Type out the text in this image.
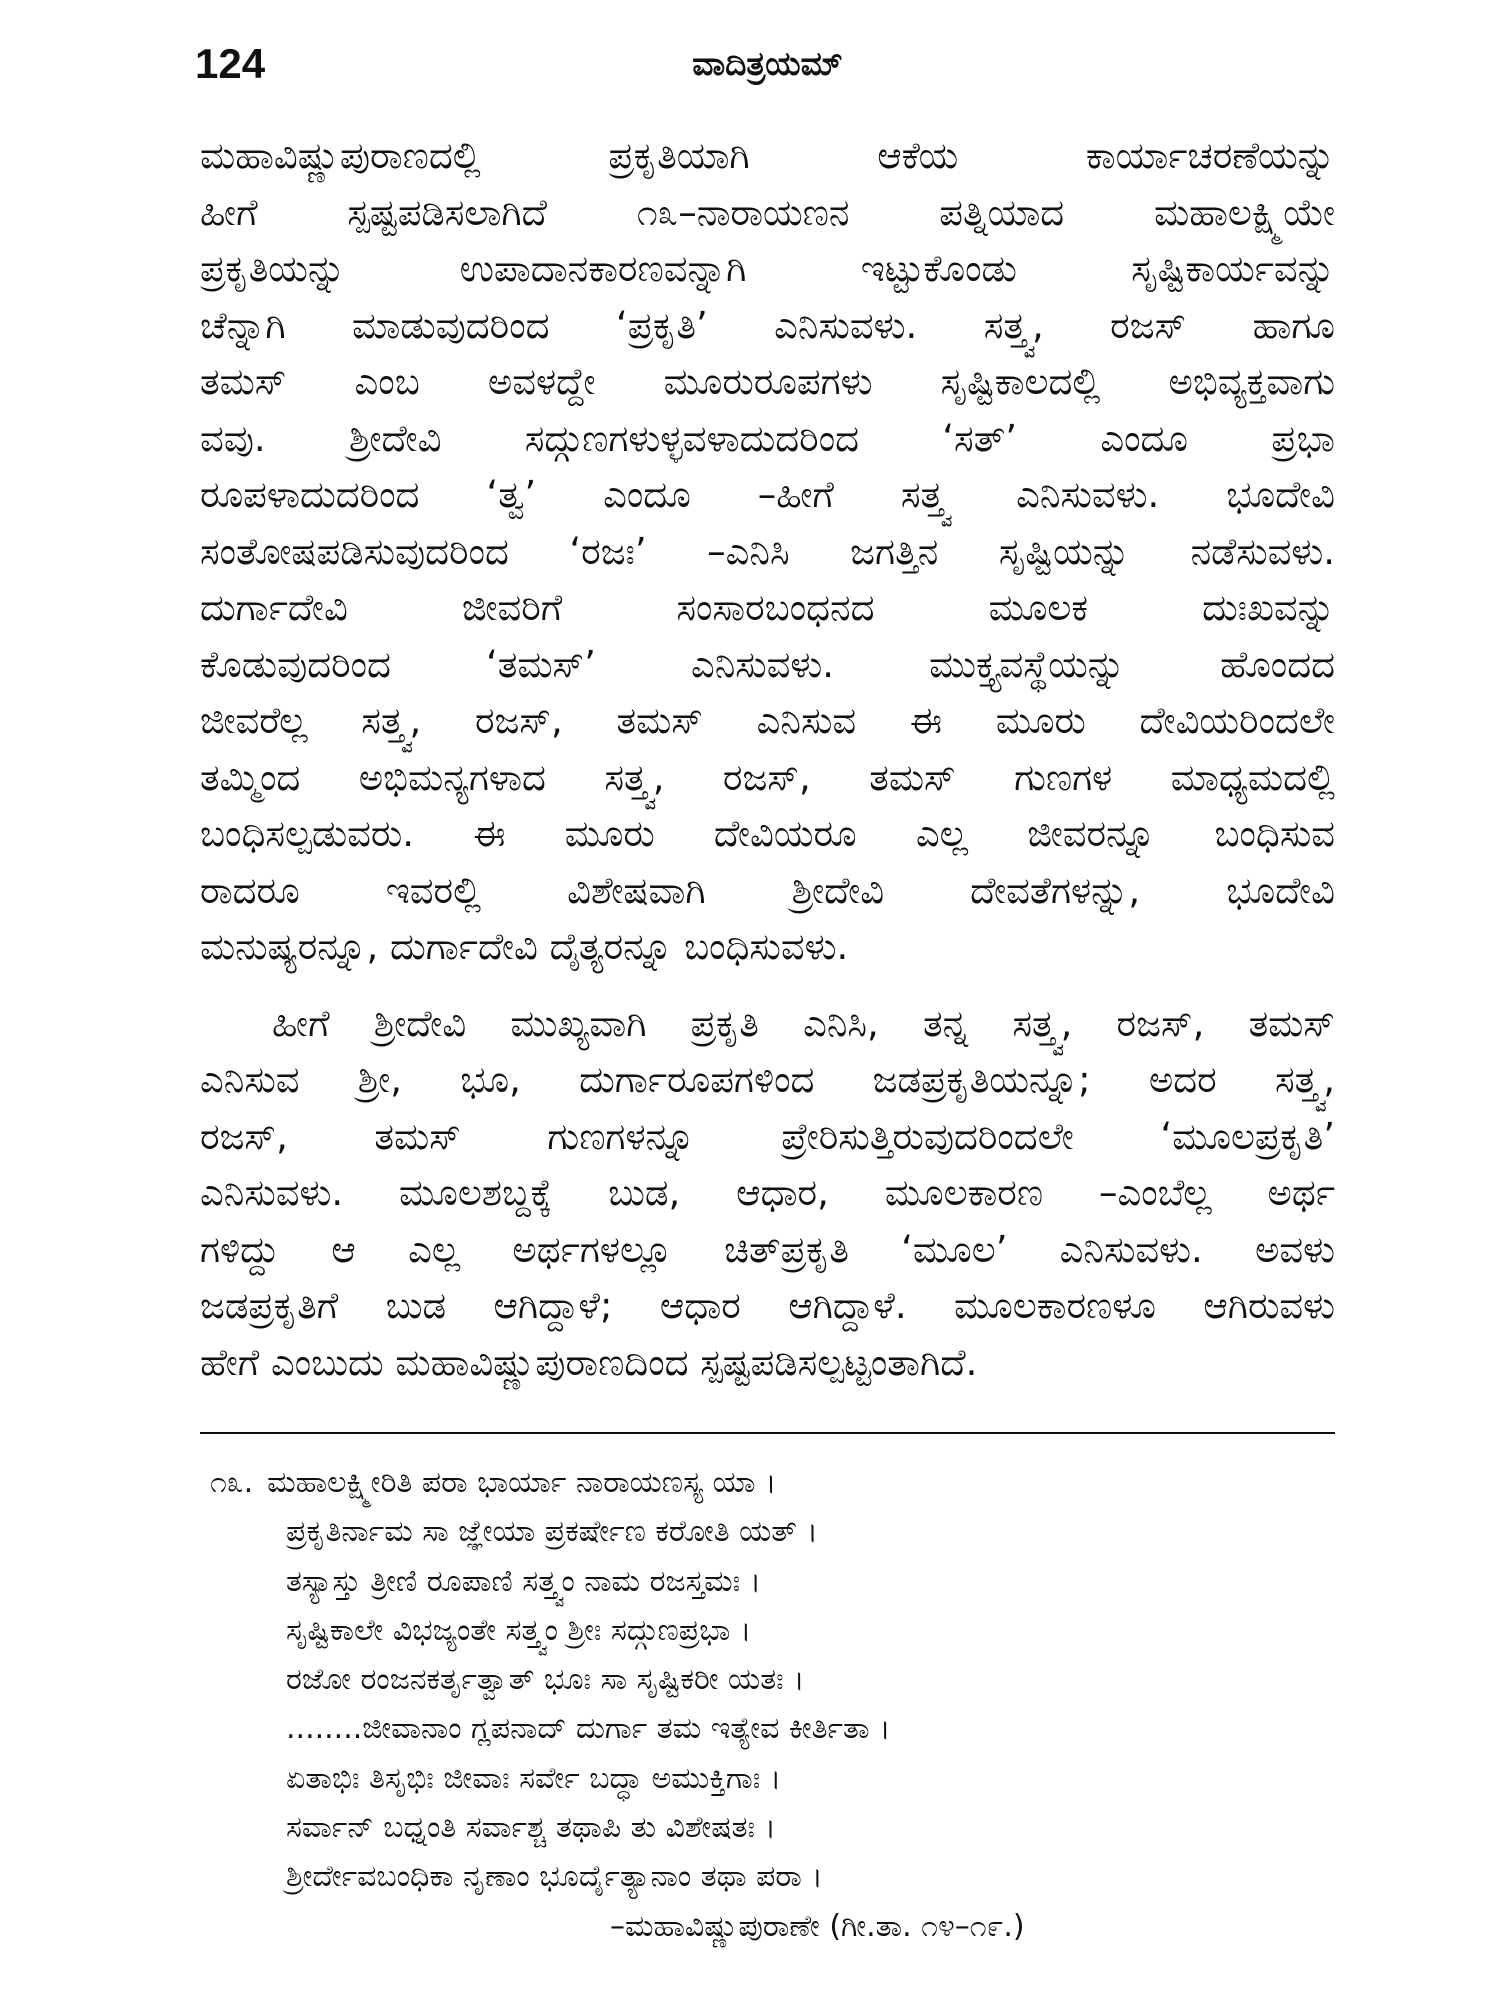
124	ವಾದಿತ್ರಯಮ್

ಮಹಾವಿಷ್ಣುಪುರಾಣದಲ್ಲಿ ಪ್ರಕೃತಿಯಾಗಿ ಆಕೆಯ ಕಾರ್ಯಾಚರಣೆಯನ್ನು
ಹೀಗೆ ಸ್ಪಷ್ಟಪಡಿಸಲಾಗಿದೆ ೧೩–ನಾರಾಯಣನ ಪತ್ನಿಯಾದ ಮಹಾಲಕ್ಷ್ಮಿಯೇ
ಪ್ರಕೃತಿಯನ್ನು ಉಪಾದಾನಕಾರಣವನ್ನಾಗಿ ಇಟ್ಟುಕೊಂಡು ಸೃಷ್ಟಿಕಾರ್ಯವನ್ನು
ಚೆನ್ನಾಗಿ ಮಾಡುವುದರಿಂದ ‘ಪ್ರಕೃತಿ’ ಎನಿಸುವಳು. ಸತ್ತ್ವ, ರಜಸ್ ಹಾಗೂ
ತಮಸ್ ಎಂಬ ಅವಳದ್ದೇ ಮೂರುರೂಪಗಳು ಸೃಷ್ಟಿಕಾಲದಲ್ಲಿ ಅಭಿವ್ಯಕ್ತವಾಗು
ವವು. ಶ್ರೀದೇವಿ ಸದ್ಗುಣಗಳುಳ್ಳವಳಾದುದರಿಂದ ‘ಸತ್’ ಎಂದೂ ಪ್ರಭಾ
ರೂಪಳಾದುದರಿಂದ ‘ತ್ವ’ ಎಂದೂ –ಹೀಗೆ ಸತ್ತ್ವ ಎನಿಸುವಳು. ಭೂದೇವಿ
ಸಂತೋಷಪಡಿಸುವುದರಿಂದ ‘ರಜಃ’ –ಎನಿಸಿ ಜಗತ್ತಿನ ಸೃಷ್ಟಿಯನ್ನು ನಡೆಸುವಳು.
ದುರ್ಗಾದೇವಿ ಜೀವರಿಗೆ ಸಂಸಾರಬಂಧನದ ಮೂಲಕ ದುಃಖವನ್ನು
ಕೊಡುವುದರಿಂದ ‘ತಮಸ್’ ಎನಿಸುವಳು. ಮುಕ್ತ್ಯವಸ್ಥೆಯನ್ನು ಹೊಂದದ
ಜೀವರೆಲ್ಲ ಸತ್ತ್ವ, ರಜಸ್, ತಮಸ್ ಎನಿಸುವ ಈ ಮೂರು ದೇವಿಯರಿಂದಲೇ
ತಮ್ಮಿಂದ ಅಭಿಮನ್ಯಗಳಾದ ಸತ್ತ್ವ, ರಜಸ್, ತಮಸ್ ಗುಣಗಳ ಮಾಧ್ಯಮದಲ್ಲಿ
ಬಂಧಿಸಲ್ಪಡುವರು. ಈ ಮೂರು ದೇವಿಯರೂ ಎಲ್ಲ ಜೀವರನ್ನೂ ಬಂಧಿಸುವ
ರಾದರೂ ಇವರಲ್ಲಿ ವಿಶೇಷವಾಗಿ ಶ್ರೀದೇವಿ ದೇವತೆಗಳನ್ನು, ಭೂದೇವಿ
ಮನುಷ್ಯರನ್ನೂ, ದುರ್ಗಾದೇವಿ ದೈತ್ಯರನ್ನೂ ಬಂಧಿಸುವಳು.

ಹೀಗೆ ಶ್ರೀದೇವಿ ಮುಖ್ಯವಾಗಿ ಪ್ರಕೃತಿ ಎನಿಸಿ, ತನ್ನ ಸತ್ತ್ವ, ರಜಸ್, ತಮಸ್
ಎನಿಸುವ ಶ್ರೀ, ಭೂ, ದುರ್ಗಾರೂಪಗಳಿಂದ ಜಡಪ್ರಕೃತಿಯನ್ನೂ; ಅದರ ಸತ್ತ್ವ,
ರಜಸ್, ತಮಸ್ ಗುಣಗಳನ್ನೂ ಪ್ರೇರಿಸುತ್ತಿರುವುದರಿಂದಲೇ ‘ಮೂಲಪ್ರಕೃತಿ’
ಎನಿಸುವಳು. ಮೂಲಶಬ್ದಕ್ಕೆ ಬುಡ, ಆಧಾರ, ಮೂಲಕಾರಣ –ಎಂಬೆಲ್ಲ ಅರ್ಥ
ಗಳಿದ್ದು ಆ ಎಲ್ಲ ಅರ್ಥಗಳಲ್ಲೂ ಚಿತ್‌ಪ್ರಕೃತಿ ‘ಮೂಲ’ ಎನಿಸುವಳು. ಅವಳು
ಜಡಪ್ರಕೃತಿಗೆ ಬುಡ ಆಗಿದ್ದಾಳೆ; ಆಧಾರ ಆಗಿದ್ದಾಳೆ. ಮೂಲಕಾರಣಳೂ ಆಗಿರುವಳು
ಹೇಗೆ ಎಂಬುದು ಮಹಾವಿಷ್ಣುಪುರಾಣದಿಂದ ಸ್ಪಷ್ಟಪಡಿಸಲ್ಪಟ್ಟಂತಾಗಿದೆ.

೧೩. ಮಹಾಲಕ್ಷ್ಮೀರಿತಿ ಪರಾ ಭಾರ್ಯಾ ನಾರಾಯಣಸ್ಯ ಯಾ ।
ಪ್ರಕೃತಿರ್ನಾಮ ಸಾ ಜ್ಞೇಯಾ ಪ್ರಕರ್ಷೇಣ ಕರೋತಿ ಯತ್ ।
ತಸ್ಯಾಸ್ತು ತ್ರೀಣಿ ರೂಪಾಣಿ ಸತ್ತ್ವಂ ನಾಮ ರಜಸ್ತಮಃ ।
ಸೃಷ್ಟಿಕಾಲೇ ವಿಭಜ್ಯಂತೇ ಸತ್ತ್ವಂ ಶ್ರೀಃ ಸದ್ಗುಣಪ್ರಭಾ ।
ರಜೋ ರಂಜನಕರ್ತೃತ್ವಾತ್ ಭೂಃ ಸಾ ಸೃಷ್ಟಿಕರೀ ಯತಃ ।
........ಜೀವಾನಾಂ ಗ್ಲಪನಾದ್ ದುರ್ಗಾ ತಮ ಇತ್ಯೇವ ಕೀರ್ತಿತಾ ।
ಏತಾಭಿಃ ತಿಸೃಭಿಃ ಜೀವಾಃ ಸರ್ವೇ ಬದ್ಧಾ ಅಮುಕ್ತಿಗಾಃ ।
ಸರ್ವಾನ್ ಬಧ್ನಂತಿ ಸರ್ವಾಶ್ಚ ತಥಾಪಿ ತು ವಿಶೇಷತಃ ।
ಶ್ರೀರ್ದೇವಬಂಧಿಕಾ ನೃಣಾಂ ಭೂರ್ದೈತ್ಯಾನಾಂ ತಥಾ ಪರಾ ।
–ಮಹಾವಿಷ್ಣುಪುರಾಣೇ (ಗೀ.ತಾ. ೧೪–೧೯.)
